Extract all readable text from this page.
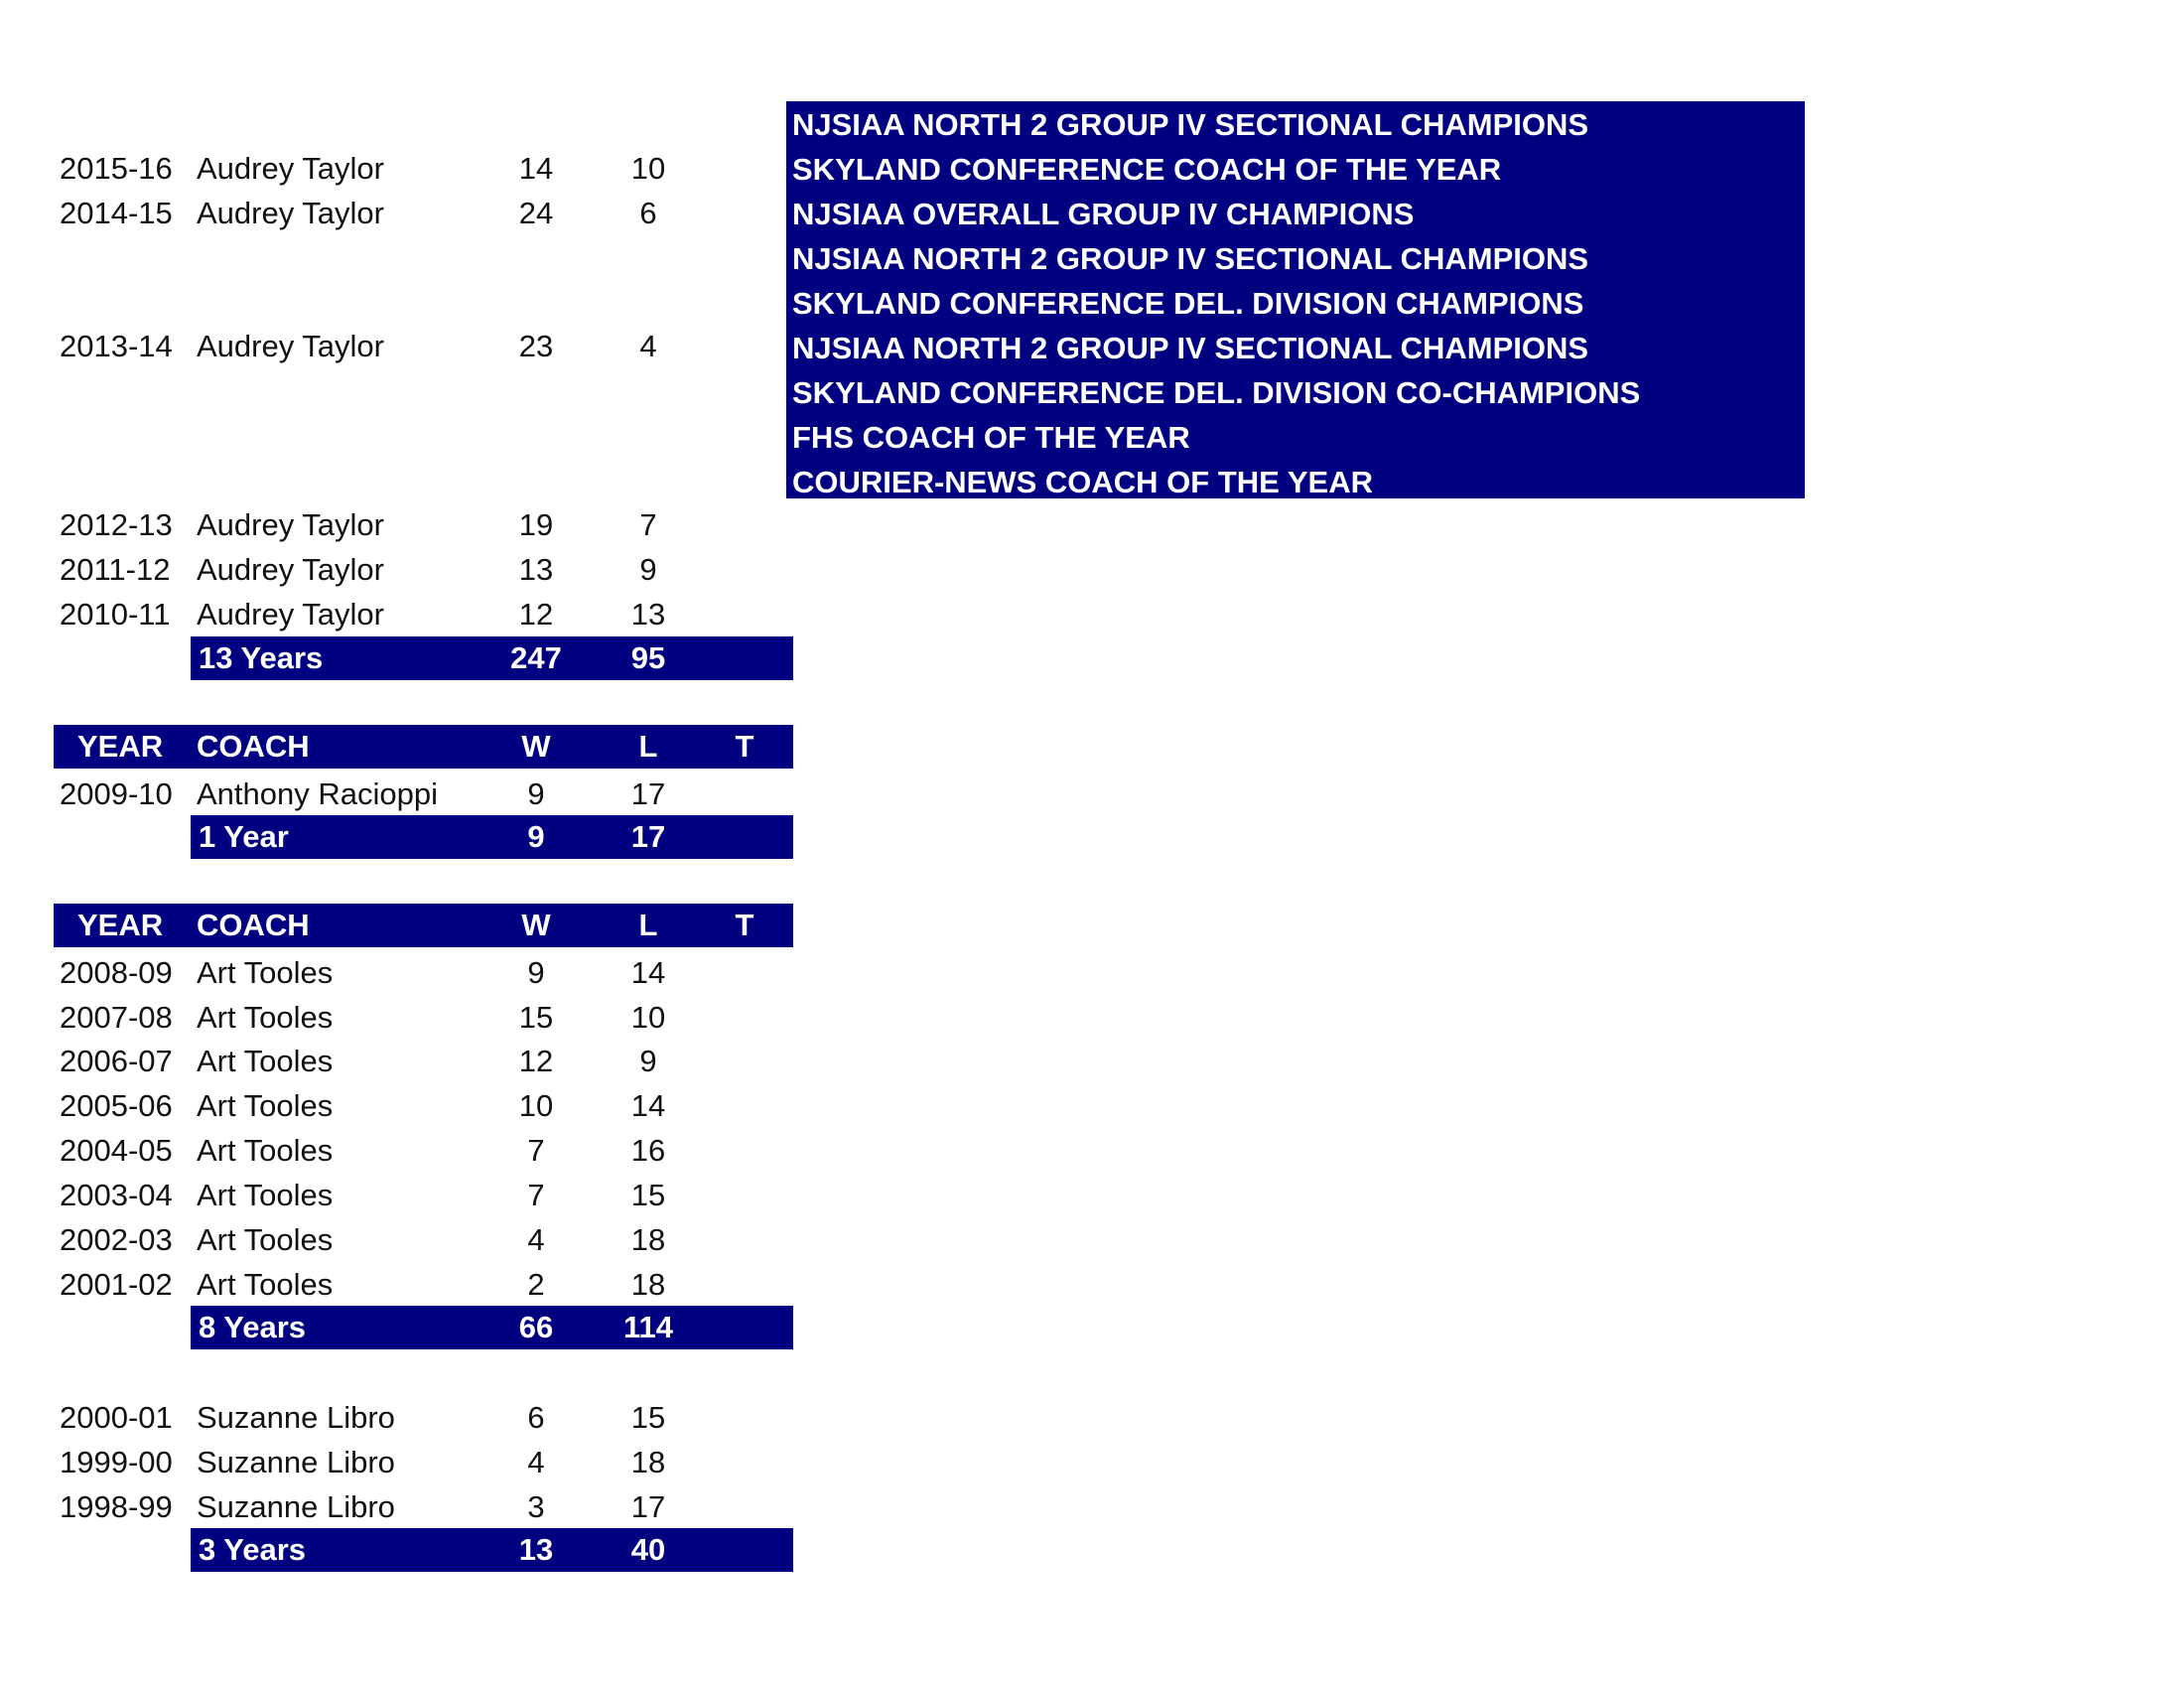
NJSIAA NORTH 2 GROUP IV SECTIONAL CHAMPIONS
SKYLAND CONFERENCE COACH OF THE YEAR
NJSIAA OVERALL GROUP IV CHAMPIONS
NJSIAA NORTH 2 GROUP IV SECTIONAL CHAMPIONS
SKYLAND CONFERENCE DEL. DIVISION CHAMPIONS
NJSIAA NORTH 2 GROUP IV SECTIONAL CHAMPIONS
SKYLAND CONFERENCE DEL. DIVISION CO-CHAMPIONS
FHS COACH OF THE YEAR
COURIER-NEWS COACH OF THE YEAR
2015-16 Audrey Taylor	14	10
2014-15 Audrey Taylor	24	6
2013-14 Audrey Taylor	23	4
2012-13 Audrey Taylor	19	7
2011-12 Audrey Taylor	13	9
2010-11 Audrey Taylor	12	13
13 Years	247	95
YEAR COACH	W	L	T
2009-10 Anthony Racioppi	9	17
1 Year	9	17
YEAR COACH	W	L	T
2008-09 Art Tooles	9	14
2007-08 Art Tooles	15	10
2006-07 Art Tooles	12	9
2005-06 Art Tooles	10	14
2004-05 Art Tooles	7	16
2003-04 Art Tooles	7	15
2002-03 Art Tooles	4	18
2001-02 Art Tooles	2	18
8 Years	66	114
2000-01 Suzanne Libro	6	15
1999-00 Suzanne Libro	4	18
1998-99 Suzanne Libro	3	17
3 Years	13	40
